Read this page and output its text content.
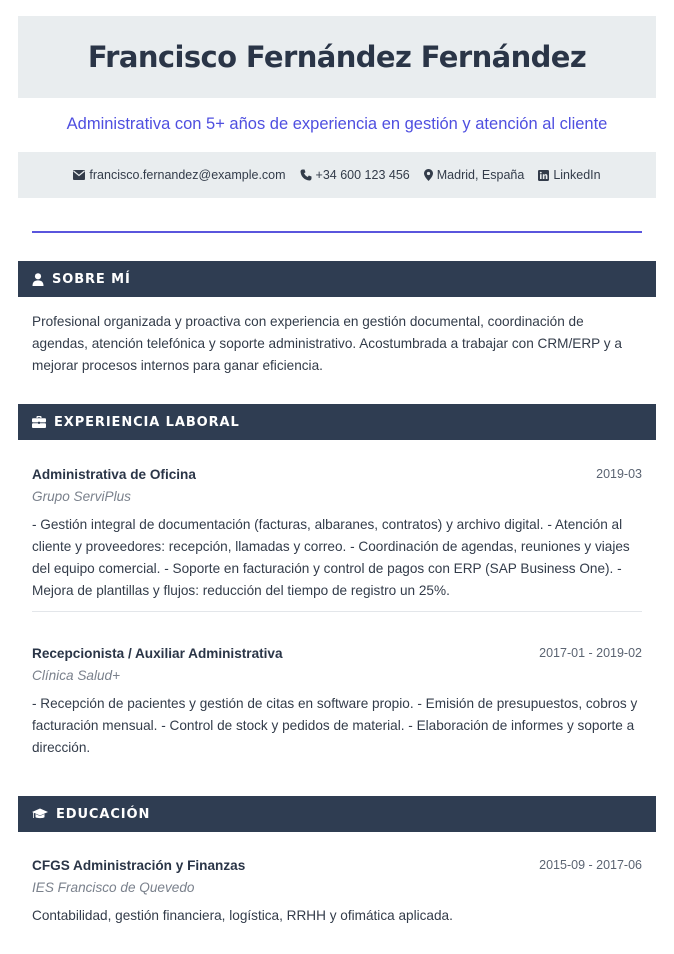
Francisco Fernández Fernández
Administrativa con 5+ años de experiencia en gestión y atención al cliente
francisco.fernandez@example.com +34 600 123 456 Madrid, España LinkedIn
SOBRE MÍ

Profesional organizada y proactiva con experiencia en gestión documental, coordinación de agendas, atención telefónica y soporte administrativo. Acostumbrada a trabajar con CRM/ERP y a mejorar procesos internos para ganar eficiencia.

EXPERIENCIA LABORAL
Administrativa de Oficina	2019-03
Grupo ServiPlus

- Gestión integral de documentación (facturas, albaranes, contratos) y archivo digital. - Atención al cliente y proveedores: recepción, llamadas y correo. - Coordinación de agendas, reuniones y viajes del equipo comercial. - Soporte en facturación y control de pagos con ERP (SAP Business One). - Mejora de plantillas y flujos: reducción del tiempo de registro un 25%.

Recepcionista / Auxiliar Administrativa	2017-01 - 2019-02
Clínica Salud+

- Recepción de pacientes y gestión de citas en software propio. - Emisión de presupuestos, cobros y facturación mensual. - Control de stock y pedidos de material. - Elaboración de informes y soporte a dirección.

EDUCACIÓN
CFGS Administración y Finanzas	2015-09 - 2017-06
IES Francisco de Quevedo

Contabilidad, gestión financiera, logística, RRHH y ofimática aplicada.
